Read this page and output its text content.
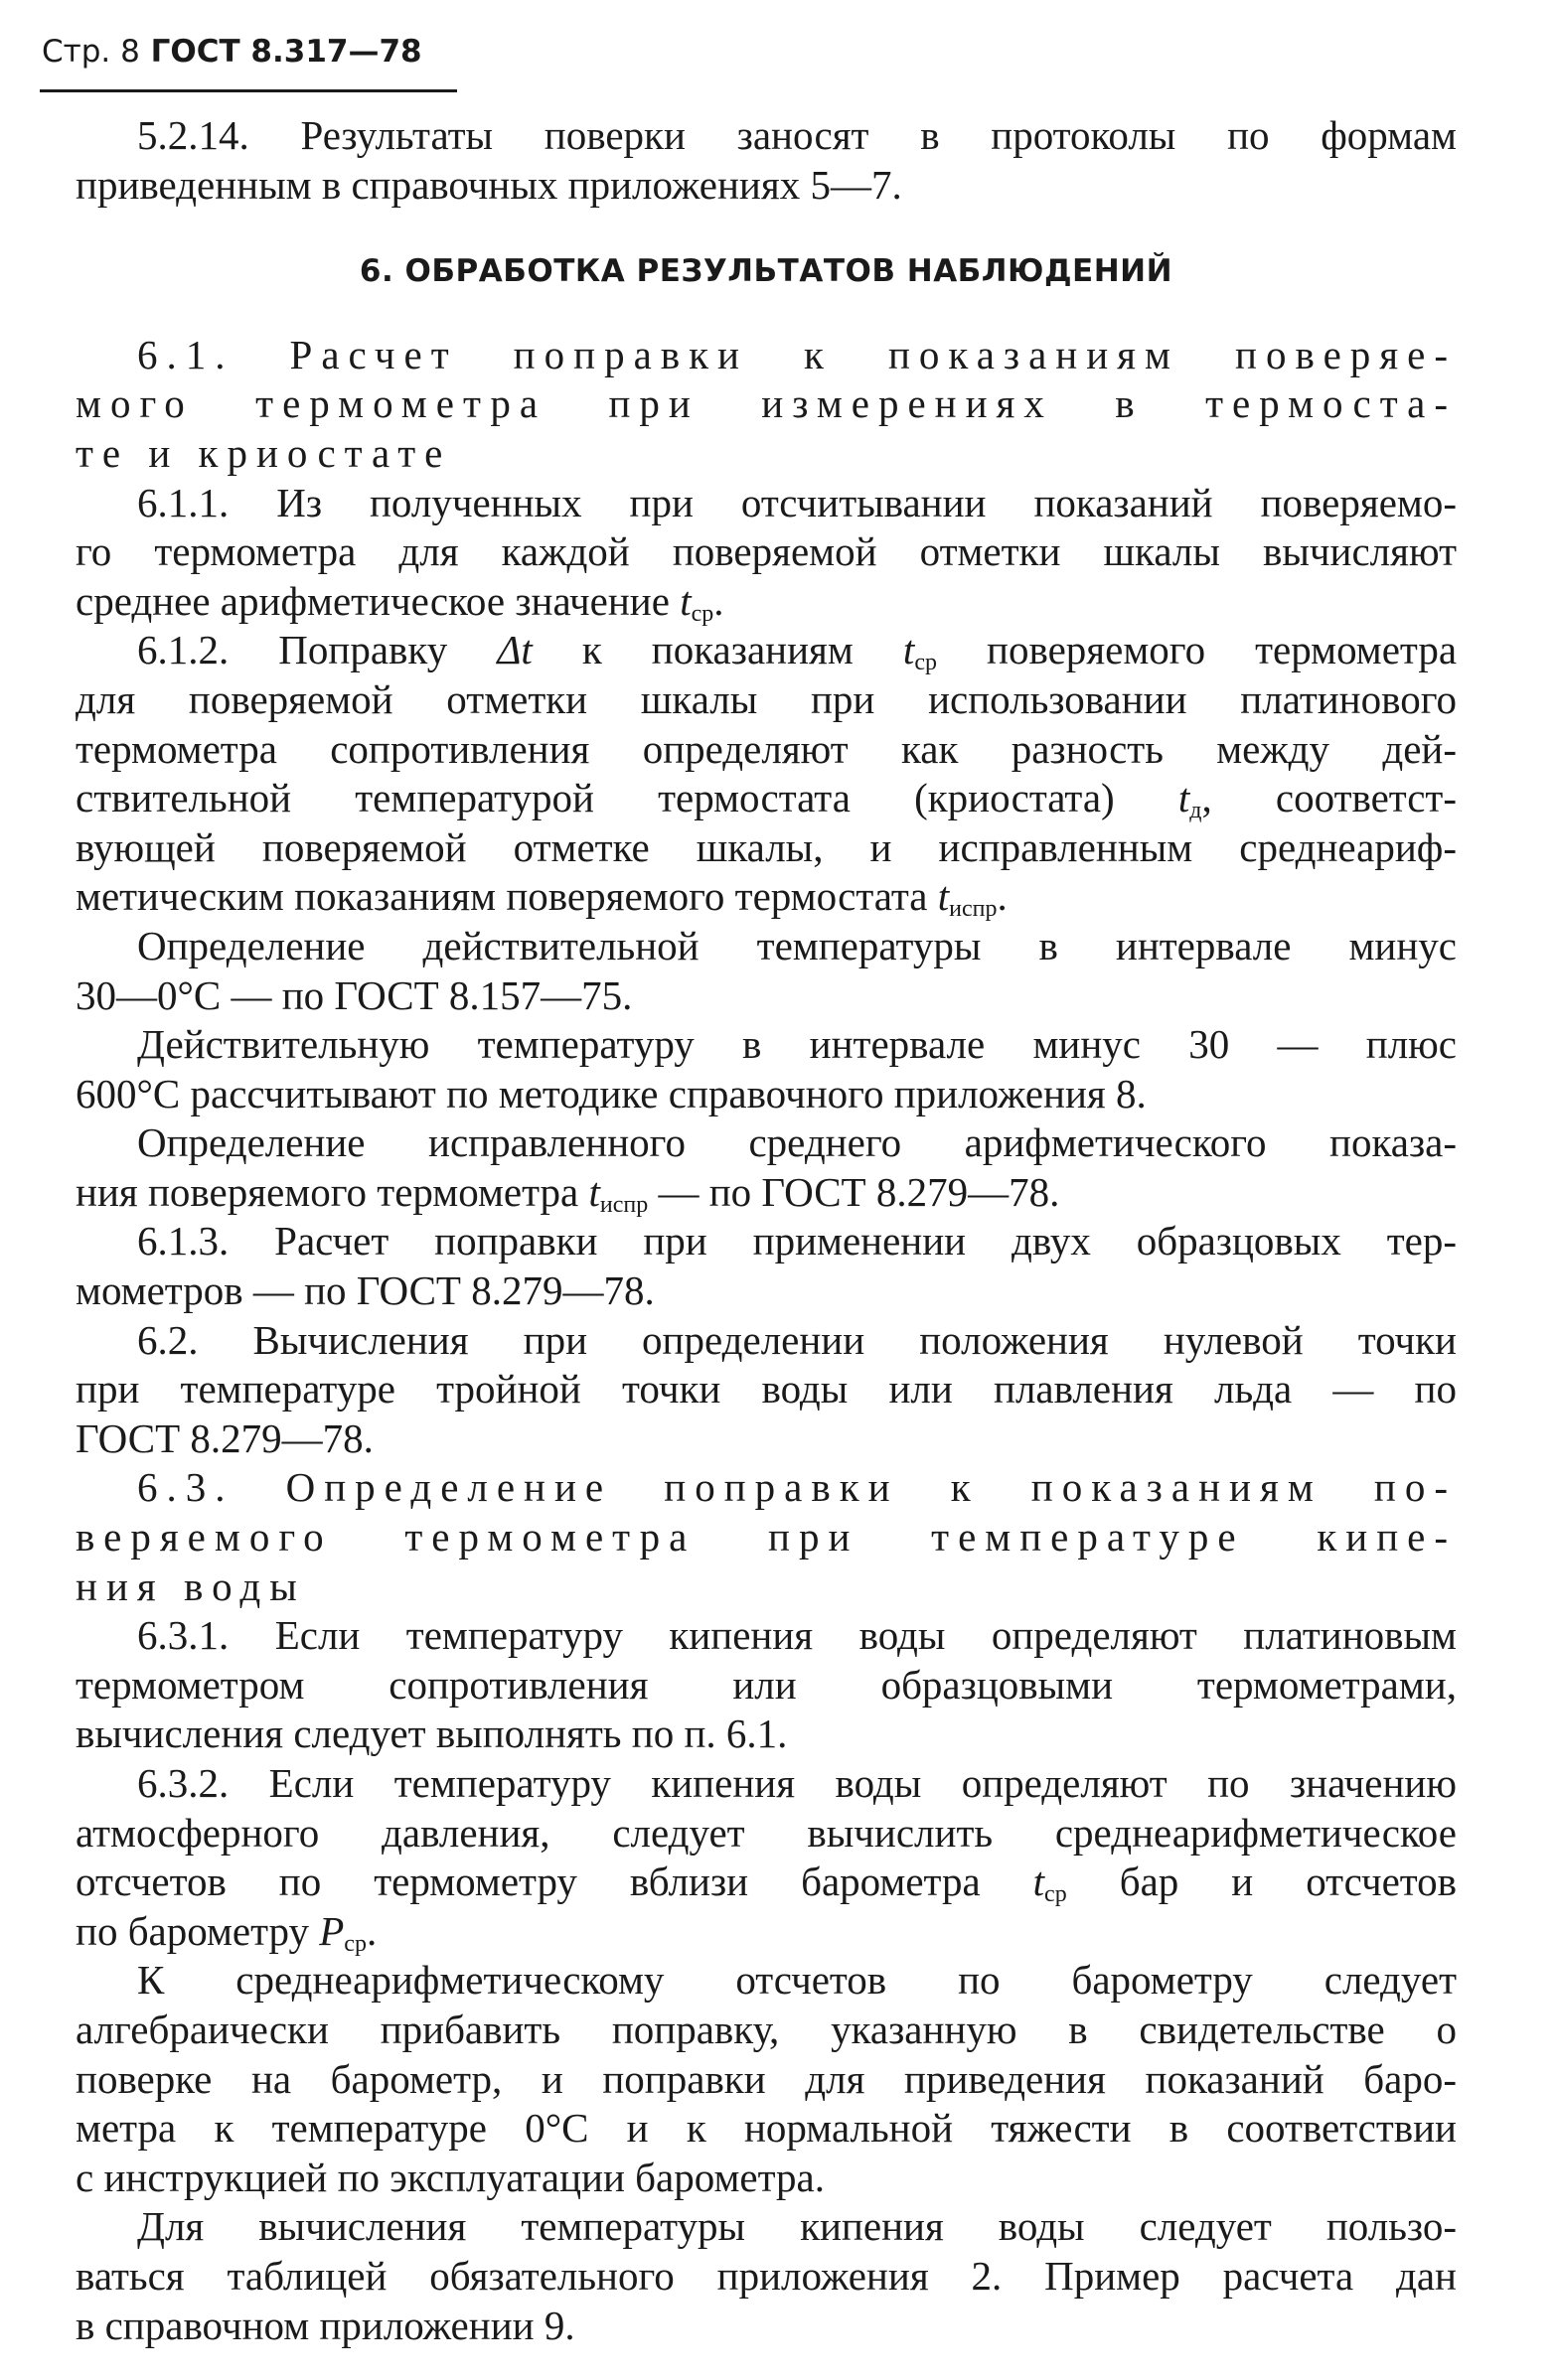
Стр. 8 ГОСТ 8.317—78
5.2.14. Результаты поверки заносят в протоколы по формам
приведенным в справочных приложениях 5—7.
6. ОБРАБОТКА РЕЗУЛЬТАТОВ НАБЛЮДЕНИЙ
6.1. Расчет поправки к показаниям поверяе-
мого термометра при измерениях в термоста-
те и криостате
6.1.1. Из полученных при отсчитывании показаний поверяемо-
го термометра для каждой поверяемой отметки шкалы вычисляют
среднее арифметическое значение $t_{ср}$.
6.1.2. Поправку Δt к показаниям $t_{ср}$ поверяемого термометра
для поверяемой отметки шкалы при использовании платинового
термометра сопротивления определяют как разность между дей-
ствительной температурой термостата (криостата) $t_д$, соответст-
вующей поверяемой отметке шкалы, и исправленным среднеариф-
метическим показаниям поверяемого термостата $t_{испр}$.
Определение действительной температуры в интервале минус
30—0°С — по ГОСТ 8.157—75.
Действительную температуру в интервале минус 30 — плюс
600°С рассчитывают по методике справочного приложения 8.
Определение исправленного среднего арифметического показа-
ния поверяемого термометра $t_{испр}$ — по ГОСТ 8.279—78.
6.1.3. Расчет поправки при применении двух образцовых тер-
мометров — по ГОСТ 8.279—78.
6.2. Вычисления при определении положения нулевой точки
при температуре тройной точки воды или плавления льда — по
ГОСТ 8.279—78.
6.3. Определение поправки к показаниям по-
веряемого термометра при температуре кипе-
ния воды
6.3.1. Если температуру кипения воды определяют платиновым
термометром сопротивления или образцовыми термометрами,
вычисления следует выполнять по п. 6.1.
6.3.2. Если температуру кипения воды определяют по значению
атмосферного давления, следует вычислить среднеарифметическое
отсчетов по термометру вблизи барометра $t_{ср}$ бар и отсчетов
по барометру $P_{ср}$.
К среднеарифметическому отсчетов по барометру следует
алгебраически прибавить поправку, указанную в свидетельстве о
поверке на барометр, и поправки для приведения показаний баро-
метра к температуре 0°С и к нормальной тяжести в соответствии
с инструкцией по эксплуатации барометра.
Для вычисления температуры кипения воды следует пользо-
ваться таблицей обязательного приложения 2. Пример расчета дан
в справочном приложении 9.
